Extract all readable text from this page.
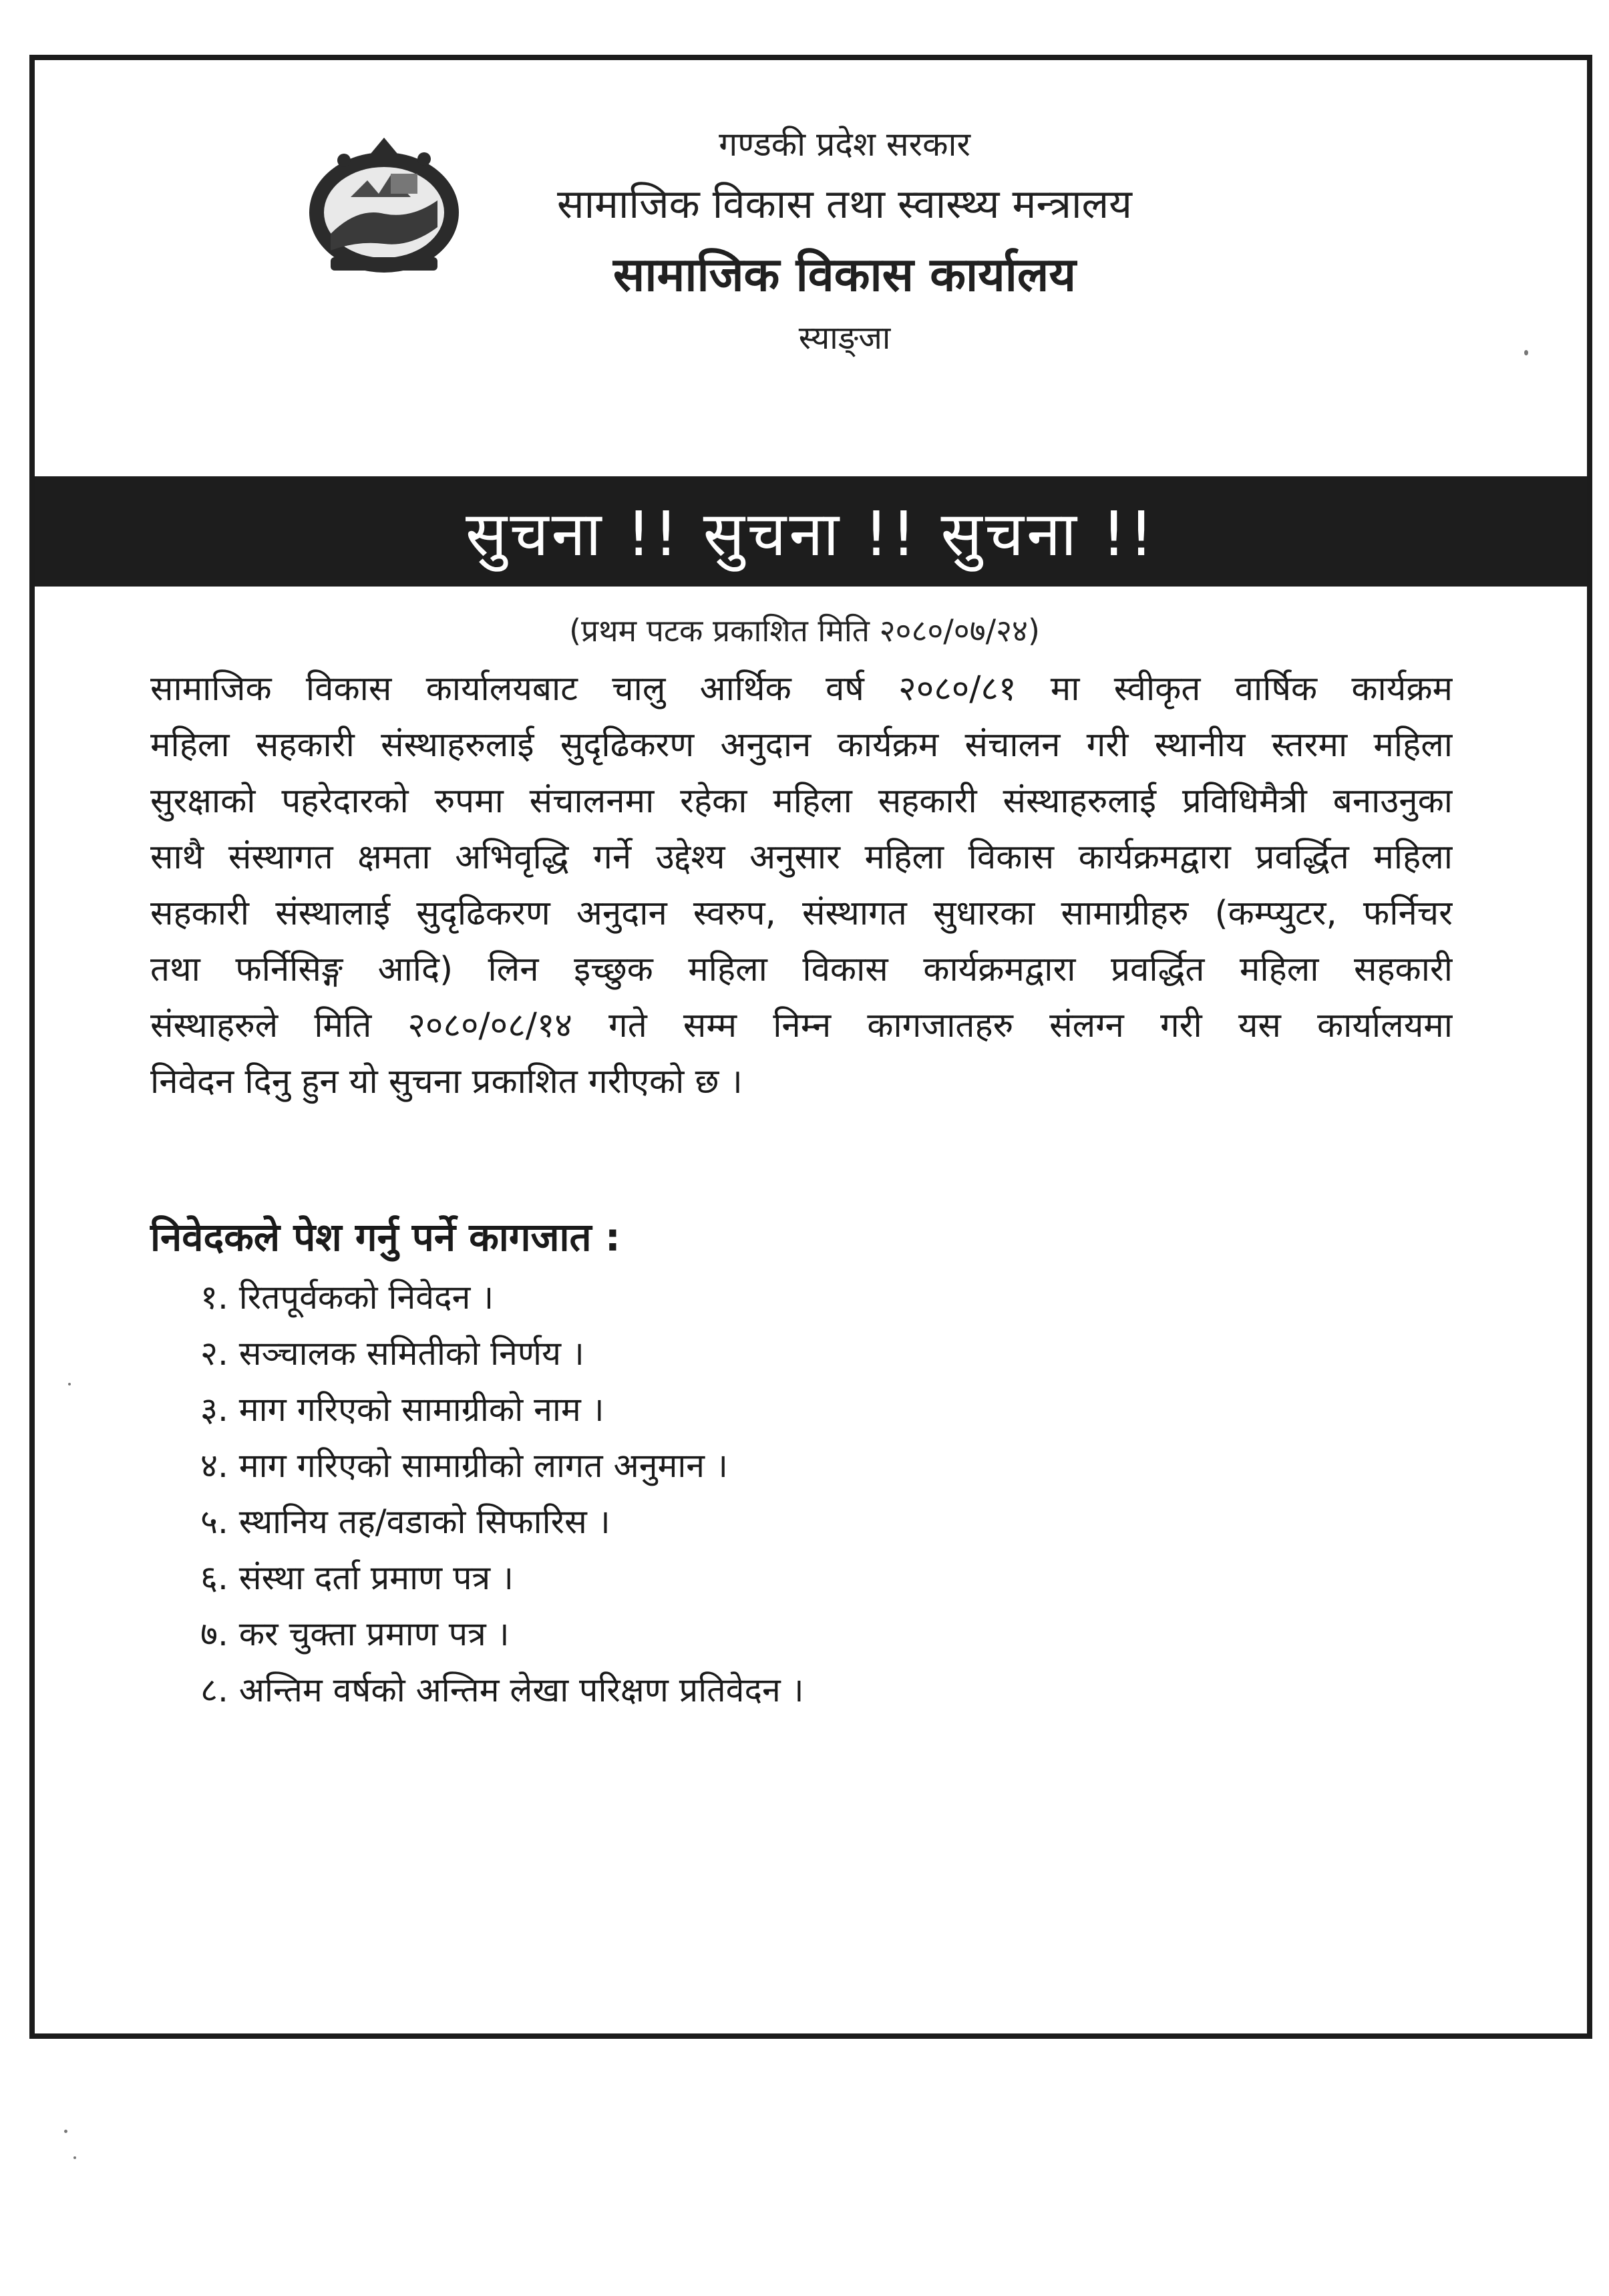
गण्डकी प्रदेश सरकार
सामाजिक विकास तथा स्वास्थ्य मन्त्रालय
सामाजिक विकास कार्यालय
स्याङ्जा
सुचना !! सुचना !! सुचना !!
(प्रथम पटक प्रकाशित मिति २०८०/०७/२४)
सामाजिक विकास कार्यालयबाट चालु आर्थिक वर्ष २०८०/८१ मा स्वीकृत वार्षिक कार्यक्रम
महिला सहकारी संस्थाहरुलाई सुदृढिकरण अनुदान कार्यक्रम संचालन गरी स्थानीय स्तरमा महिला
सुरक्षाको पहरेदारको रुपमा संचालनमा रहेका महिला सहकारी संस्थाहरुलाई प्रविधिमैत्री बनाउनुका
साथै संस्थागत क्षमता अभिवृद्धि गर्ने उद्देश्य अनुसार महिला विकास कार्यक्रमद्वारा प्रवर्द्धित महिला
सहकारी संस्थालाई सुदृढिकरण अनुदान स्वरुप, संस्थागत सुधारका सामाग्रीहरु (कम्प्युटर, फर्निचर
तथा फर्निसिङ्ग आदि) लिन इच्छुक महिला विकास कार्यक्रमद्वारा प्रवर्द्धित महिला सहकारी
संस्थाहरुले मिति २०८०/०८/१४ गते सम्म निम्न कागजातहरु संलग्न गरी यस कार्यालयमा
निवेदन दिनु हुन यो सुचना प्रकाशित गरीएको छ ।
निवेदकले पेश गर्नु पर्ने कागजात :
१. रितपूर्वकको निवेदन ।
२. सञ्चालक समितीको निर्णय ।
३. माग गरिएको सामाग्रीको नाम ।
४. माग गरिएको सामाग्रीको लागत अनुमान ।
५. स्थानिय तह/वडाको सिफारिस ।
६. संस्था दर्ता प्रमाण पत्र ।
७. कर चुक्ता प्रमाण पत्र ।
८. अन्तिम वर्षको अन्तिम लेखा परिक्षण प्रतिवेदन ।
